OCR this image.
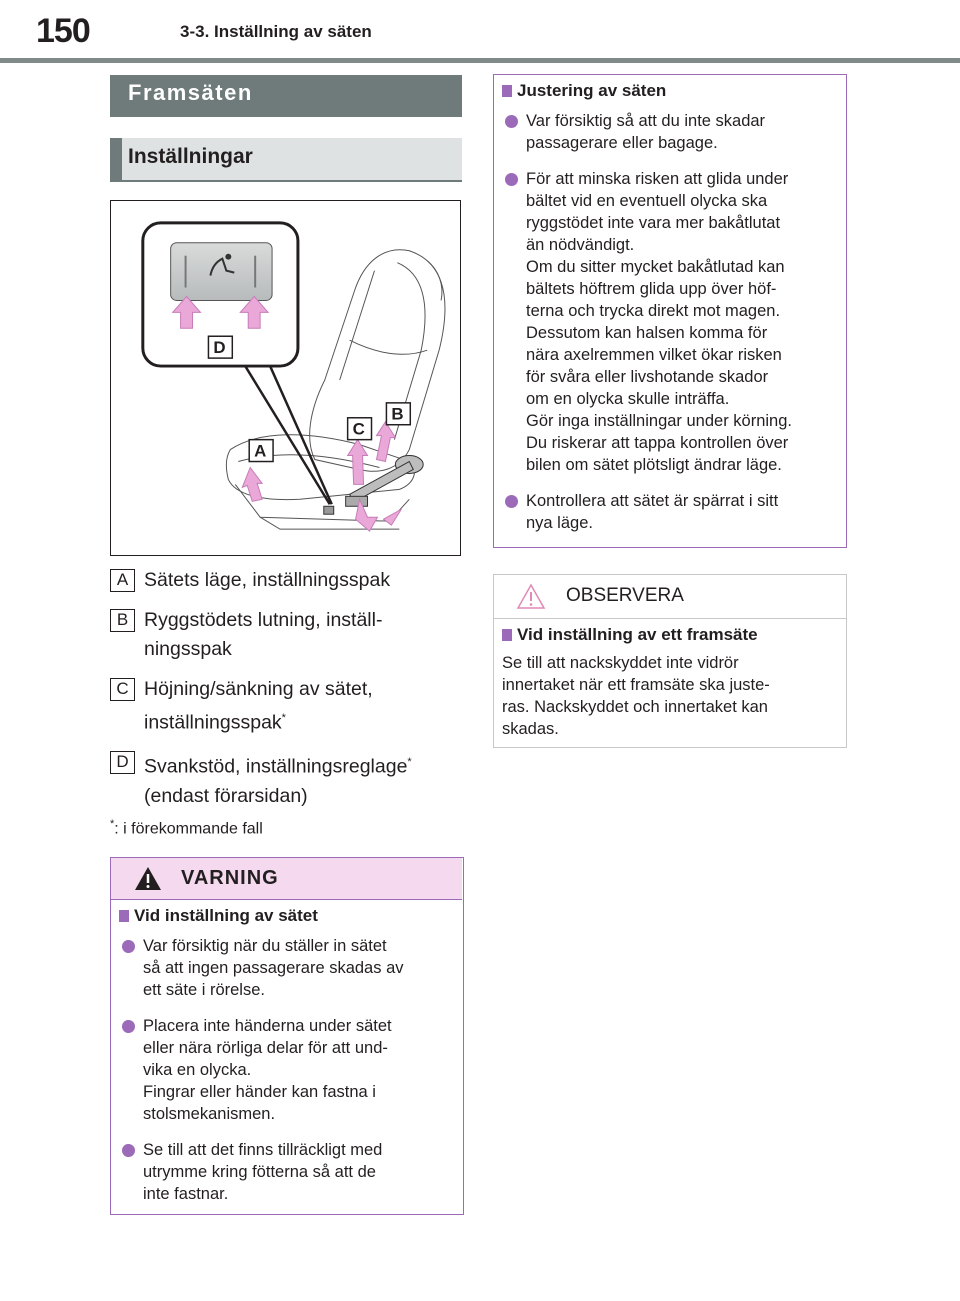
150	3-3. Inställning av säten
Framsäten
Inställningar
D
A
C
B
A Sätets läge, inställningsspak
B Ryggstödets lutning, inställ-
ningsspak
C Höjning/sänkning av sätet,
inställningsspak*
D Svankstöd, inställningsreglage*
(endast förarsidan)
*: i förekommande fall
Justering av säten
Var försiktig så att du inte skadar
passagerare eller bagage.
För att minska risken att glida under
bältet vid en eventuell olycka ska
ryggstödet inte vara mer bakåtlutat
än nödvändigt.
Om du sitter mycket bakåtlutad kan
bältets höftrem glida upp över höf-
terna och trycka direkt mot magen.
Dessutom kan halsen komma för
nära axelremmen vilket ökar risken
för svåra eller livshotande skador
om en olycka skulle inträffa.
Gör inga inställningar under körning.
Du riskerar att tappa kontrollen över
bilen om sätet plötsligt ändrar läge.
Kontrollera att sätet är spärrat i sitt
nya läge.
OBSERVERA
Vid inställning av ett framsäte
Se till att nackskyddet inte vidrör
innertaket när ett framsäte ska juste-
ras. Nackskyddet och innertaket kan
skadas.
VARNING
Vid inställning av sätet
Var försiktig när du ställer in sätet
så att ingen passagerare skadas av
ett säte i rörelse.
Placera inte händerna under sätet
eller nära rörliga delar för att und-
vika en olycka.
Fingrar eller händer kan fastna i
stolsmekanismen.
Se till att det finns tillräckligt med
utrymme kring fötterna så att de
inte fastnar.
